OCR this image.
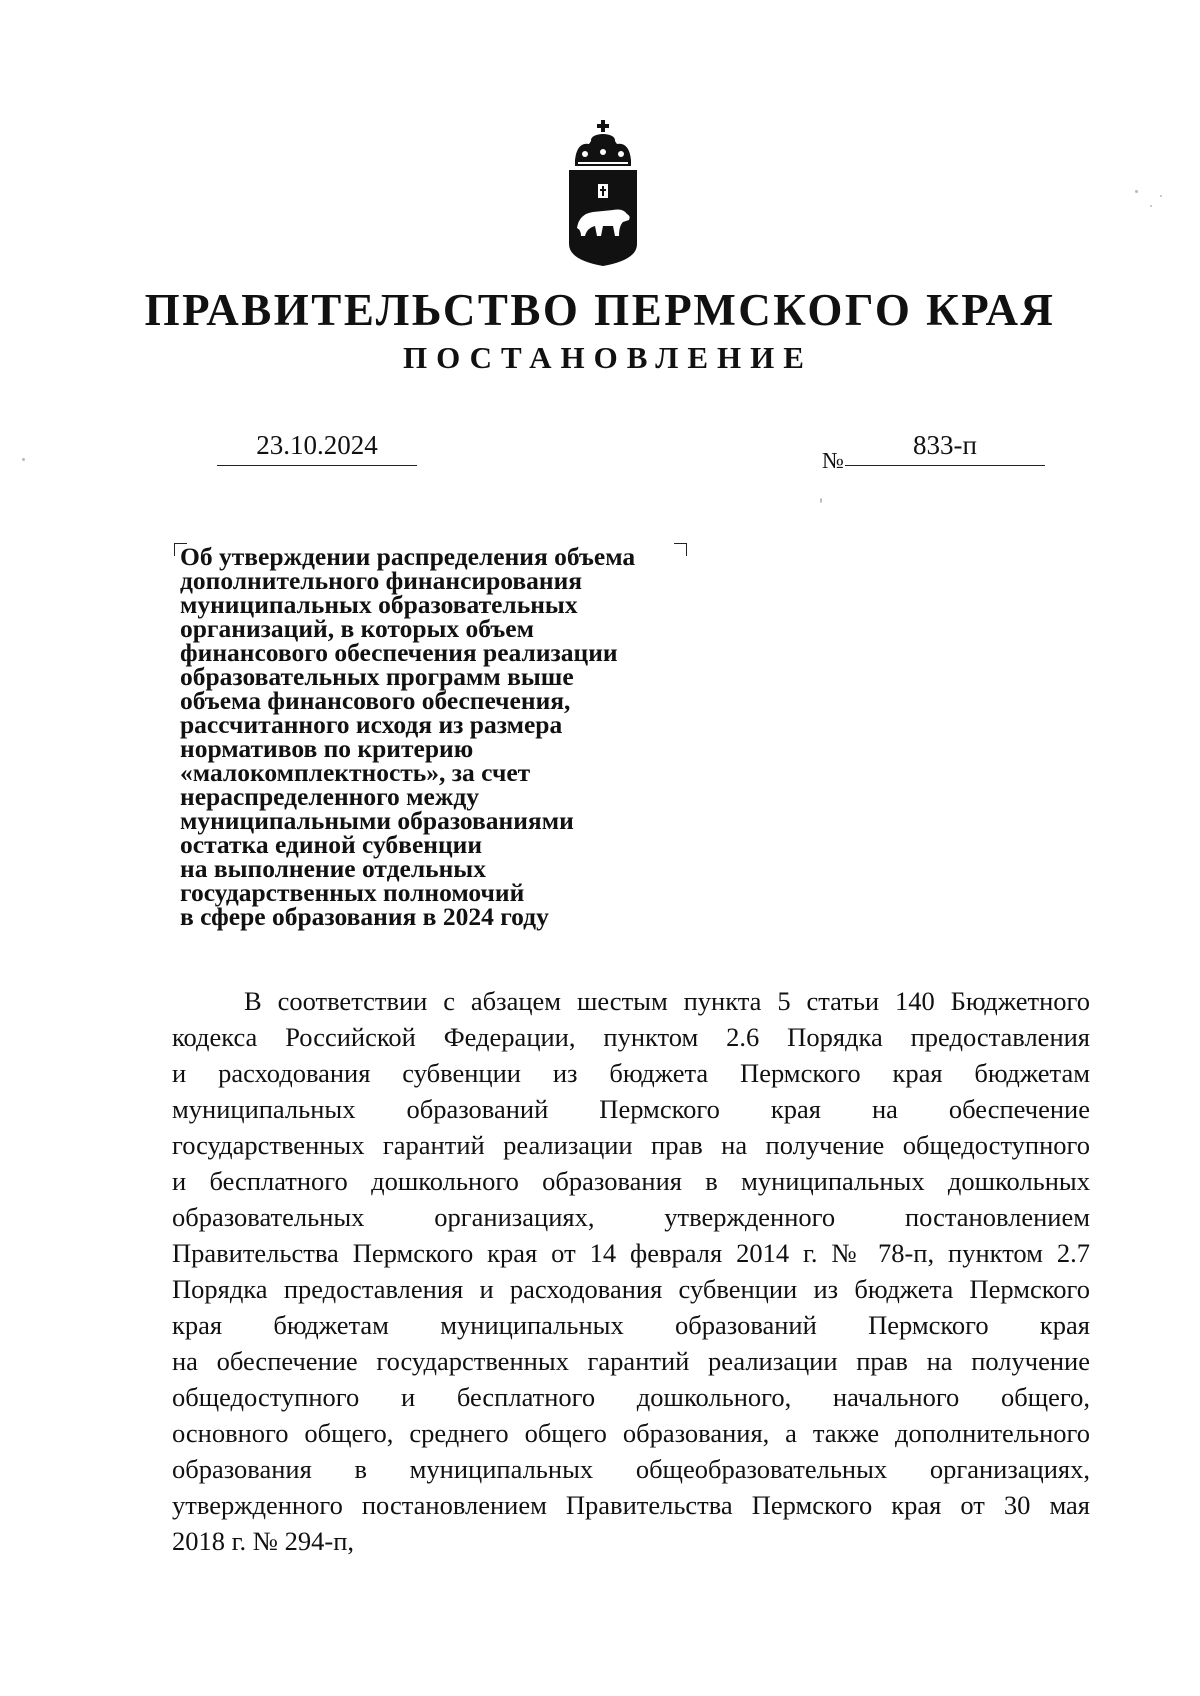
ПРАВИТЕЛЬСТВО ПЕРМСКОГО КРАЯ
ПОСТАНОВЛЕНИЕ
23.10.2024
№
833-п
Об утверждении распределения объема
дополнительного финансирования
муниципальных образовательных
организаций, в которых объем
финансового обеспечения реализации
образовательных программ выше
объема финансового обеспечения,
рассчитанного исходя из размера
нормативов по критерию
«малокомплектность», за счет
нераспределенного между
муниципальными образованиями
остатка единой субвенции
на выполнение отдельных
государственных полномочий
в сфере образования в 2024 году
В соответствии с абзацем шестым пункта 5 статьи 140 Бюджетного
кодекса Российской Федерации, пунктом 2.6 Порядка предоставления
и расходования субвенции из бюджета Пермского края бюджетам
муниципальных образований Пермского края на обеспечение
государственных гарантий реализации прав на получение общедоступного
и бесплатного дошкольного образования в муниципальных дошкольных
образовательных организациях, утвержденного постановлением
Правительства Пермского края от 14 февраля 2014 г. № 78-п, пунктом 2.7
Порядка предоставления и расходования субвенции из бюджета Пермского
края бюджетам муниципальных образований Пермского края
на обеспечение государственных гарантий реализации прав на получение
общедоступного и бесплатного дошкольного, начального общего,
основного общего, среднего общего образования, а также дополнительного
образования в муниципальных общеобразовательных организациях,
утвержденного постановлением Правительства Пермского края от 30 мая
2018 г. № 294-п,
